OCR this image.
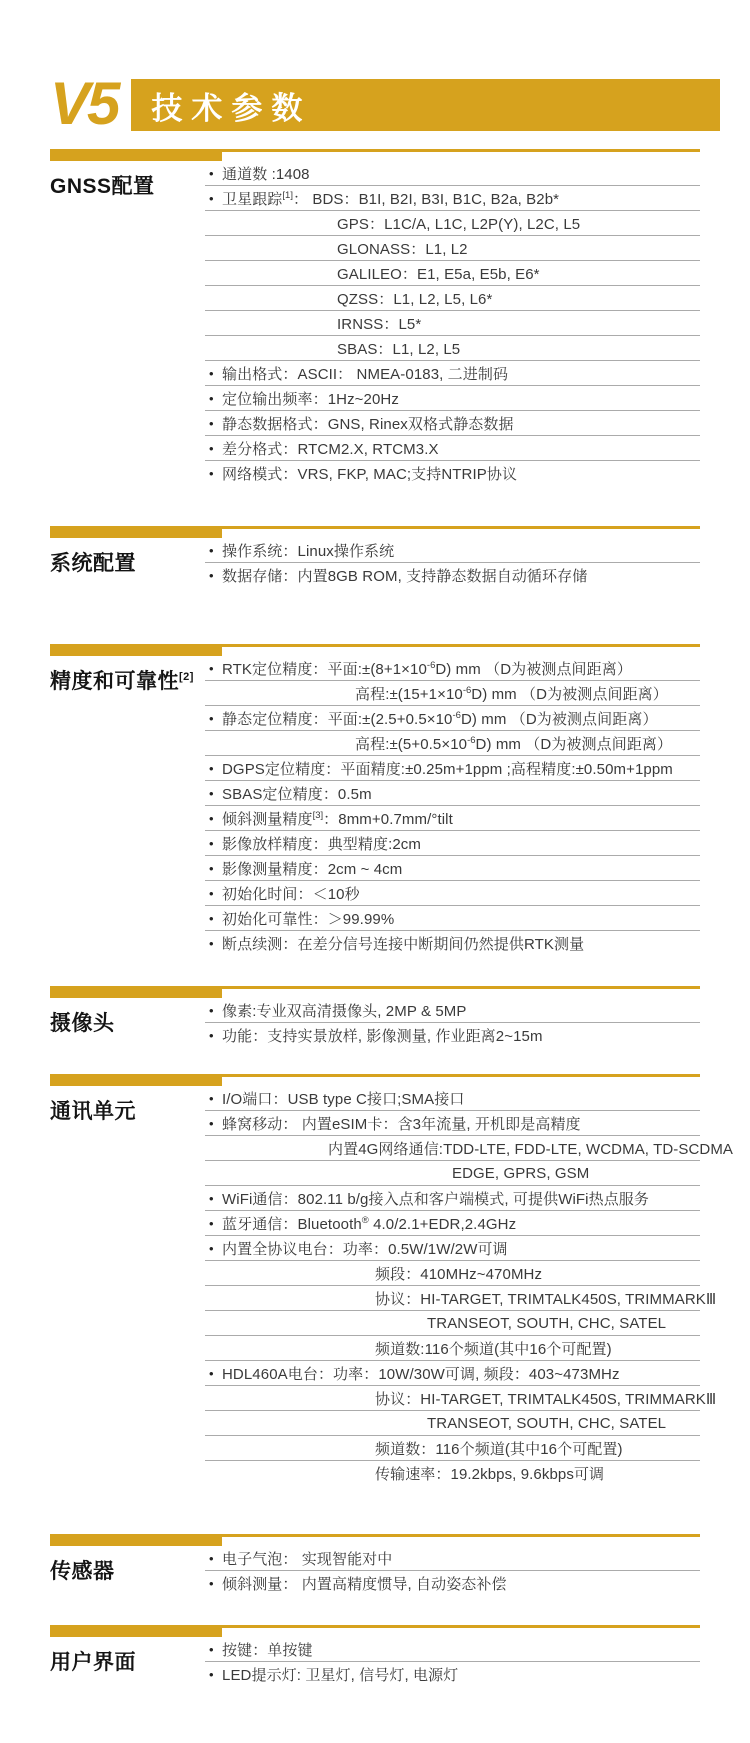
V5	技术参数
GNSS配置
• 通道数 :1408
• 卫星跟踪[1]： BDS：B1I, B2I, B3I, B1C, B2a, B2b*
GPS：L1C/A, L1C, L2P(Y), L2C, L5
GLONASS：L1, L2
GALILEO：E1, E5a, E5b, E6*
QZSS：L1, L2, L5, L6*
IRNSS：L5*
SBAS：L1, L2, L5
• 输出格式：ASCII： NMEA-0183, 二进制码
• 定位输出频率：1Hz~20Hz
• 静态数据格式：GNS, Rinex双格式静态数据
• 差分格式：RTCM2.X, RTCM3.X
• 网络模式：VRS, FKP, MAC;支持NTRIP协议
系统配置
• 操作系统：Linux操作系统
• 数据存储：内置8GB ROM, 支持静态数据自动循环存储
精度和可靠性[2]
• RTK定位精度：平面$:\pm(8+1\times 10^{-6}D)$ mm （D为被测点间距离）
高程$:\pm(15+1\times 10^{-6}D)$ mm （D为被测点间距离）
• 静态定位精度：平面$:\pm(2.5+0.5\times 10^{-6}D)$ mm （D为被测点间距离）
高程$:\pm(5+0.5\times 10^{-6}D)$ mm （D为被测点间距离）
• DGPS定位精度：平面精度:±0.25m+1ppm ;高程精度:±0.50m+1ppm
• SBAS定位精度：0.5m
• 倾斜测量精度[3]：8mm+0.7mm/°tilt
• 影像放样精度：典型精度:2cm
• 影像测量精度：2cm ~ 4cm
• 初始化时间：＜10秒
• 初始化可靠性：＞99.99%
• 断点续测：在差分信号连接中断期间仍然提供RTK测量
摄像头
• 像素:专业双高清摄像头, 2MP & 5MP
• 功能：支持实景放样, 影像测量, 作业距离2~15m
通讯单元
• I/O端口：USB type C接口;SMA接口
• 蜂窝移动： 内置eSIM卡：含3年流量, 开机即是高精度
内置4G网络通信:TDD-LTE, FDD-LTE, WCDMA, TD-SCDMA
EDGE, GPRS, GSM
• WiFi通信：802.11 b/g接入点和客户端模式, 可提供WiFi热点服务
• 蓝牙通信：Bluetooth® 4.0/2.1+EDR,2.4GHz
• 内置全协议电台：功率：0.5W/1W/2W可调
频段：410MHz~470MHz
协议：HI-TARGET, TRIMTALK450S, TRIMMARKⅢ
TRANSEOT, SOUTH, CHC, SATEL
频道数:116个频道(其中16个可配置)
• HDL460A电台：功率：10W/30W可调, 频段：403~473MHz
协议：HI-TARGET, TRIMTALK450S, TRIMMARKⅢ
TRANSEOT, SOUTH, CHC, SATEL
频道数：116个频道(其中16个可配置)
传输速率：19.2kbps, 9.6kbps可调
传感器
• 电子气泡： 实现智能对中
• 倾斜测量： 内置高精度惯导, 自动姿态补偿
用户界面
• 按键：单按键
• LED提示灯: 卫星灯, 信号灯, 电源灯
